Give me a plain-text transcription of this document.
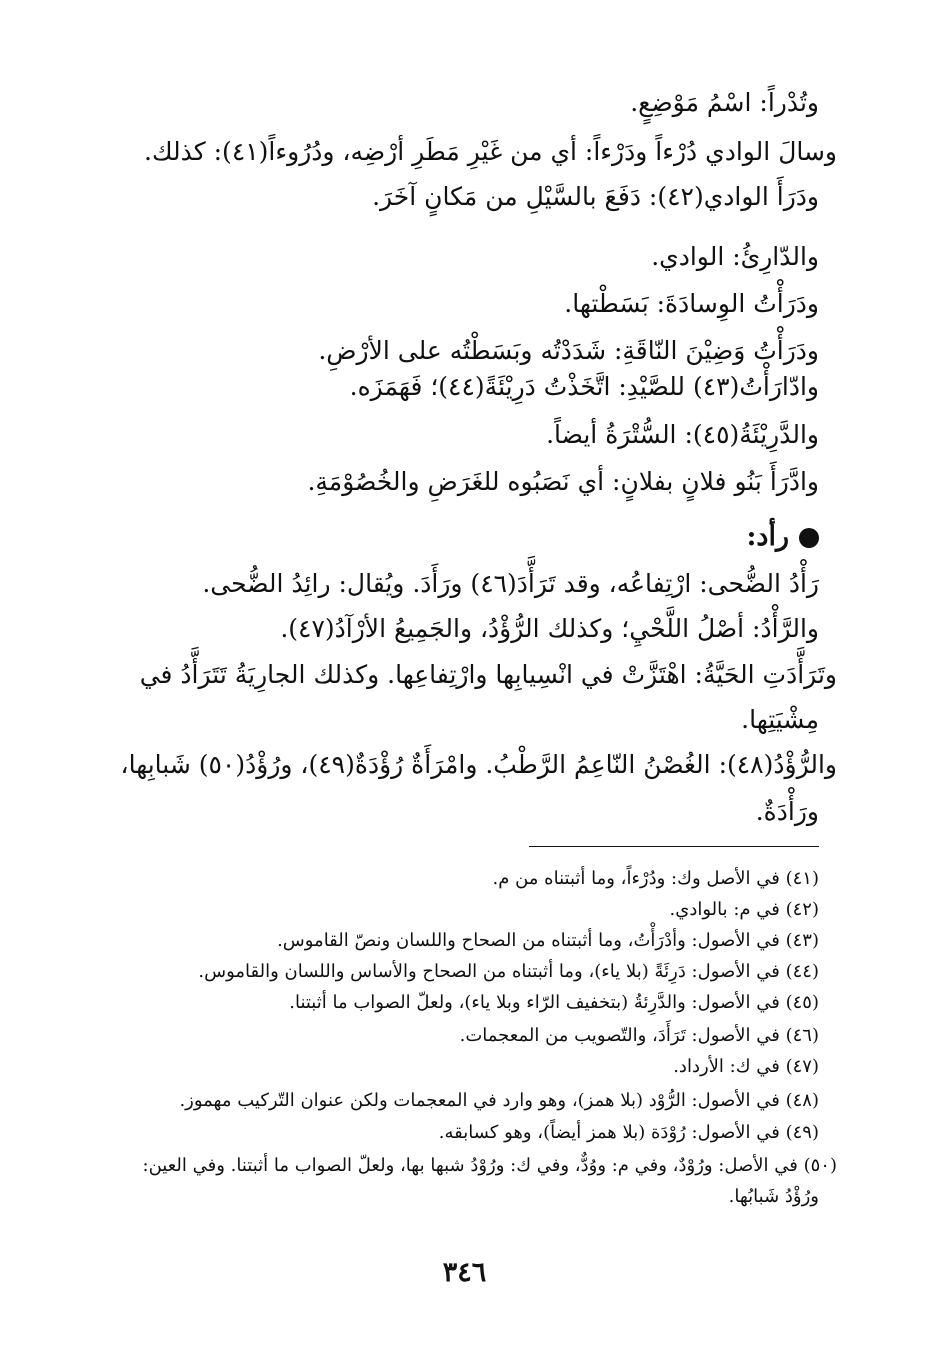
وتُدْراً: اسْمُ مَوْضِعٍ.
وسالَ الوادي دُرْءاً ودَرْءاً: أي من غَيْرِ مَطَرِ أرْضِه، ودُرُوءاً(٤١): كذلك.
ودَرَأَ الوادي(٤٢): دَفَعَ بالسَّيْلِ من مَكانٍ آخَرَ.
والدّارِئُ: الوادي.
ودَرَأْتُ الوِسادَةَ: بَسَطْتها.
ودَرَأْتُ وَضِيْنَ النّاقَةِ: شَدَدْتُه وبَسَطْتُه على الأرْضِ.
وادّارَأْتُ(٤٣) للصَّيْدِ: اتَّخَذْتُ دَرِيْئَةً(٤٤)؛ فَهَمَزَه.
والدَّرِيْئَةُ(٤٥): السُّتْرَةُ أيضاً.
وادَّرَأَ بَنُو فلانٍ بفلانٍ: أي نَصَبُوه للغَرَضِ والخُصُوْمَةِ.
رأد:
رَأْدُ الضُّحى: ارْتِفاعُه، وقد تَرَأَّدَ(٤٦) ورَأَدَ. ويُقال: رائِدُ الضُّحى.
والرَّأْدُ: أصْلُ اللَّحْيِ؛ وكذلك الرُّؤْدُ، والجَمِيعُ الأرْآدُ(٤٧).
وتَرَأَّدَتِ الحَيَّةُ: اهْتَزَّتْ في انْسِيابِها وارْتِفاعِها. وكذلك الجارِيَةُ تَتَرَأَّدُ في
مِشْيَتِها.
والرُّؤْدُ(٤٨): الغُصْنُ النّاعِمُ الرَّطْبُ. وامْرَأَةٌ رُؤْدَةٌ(٤٩)، ورُؤْدُ(٥٠) شَبابِها،
ورَأْدَةٌ.
(٤١) في الأصل وك: ودُرْءاً، وما أثبتناه من م.
(٤٢) في م: بالوادي.
(٤٣) في الأصول: وأدْرَأْتُ، وما أثبتناه من الصحاح واللسان ونصّ القاموس.
(٤٤) في الأصول: دَرِئَةً (بلا ياء)، وما أثبتناه من الصحاح والأساس واللسان والقاموس.
(٤٥) في الأصول: والدَّرِئةُ (بتخفيف الرّاء وبلا ياء)، ولعلّ الصواب ما أثبتنا.
(٤٦) في الأصول: تَرَأَدَ، والتّصويب من المعجمات.
(٤٧) في ك: الأرداد.
(٤٨) في الأصول: الرُّوْد (بلا همز)، وهو وارد في المعجمات ولكن عنوان التّركيب مهموز.
(٤٩) في الأصول: رُوْدَة (بلا همز أيضاً)، وهو كسابقه.
(٥٠) في الأصل: ورُوْدٌ، وفي م: ووُدٌّ، وفي ك: ورُوْدُ شبها بها، ولعلّ الصواب ما أثبتنا. وفي العين:
ورُؤْدُ شَبابُها.
٣٤٦
